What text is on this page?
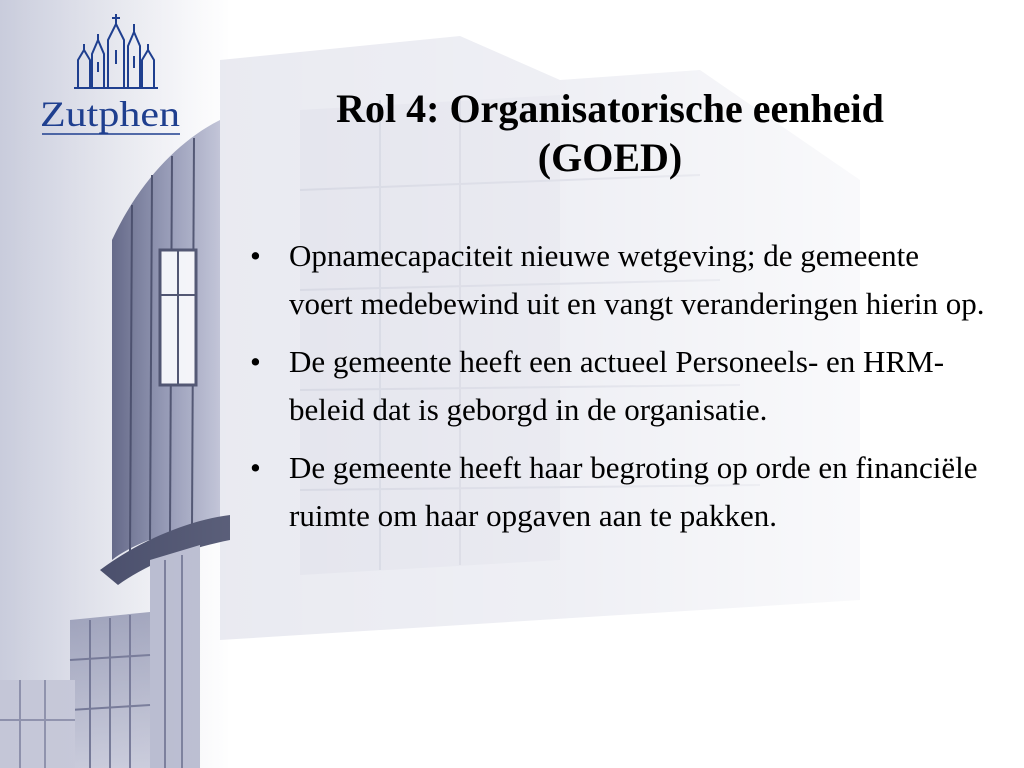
Zutphen	Rol 4: Organisatorische eenheid
(GOED)
• Opnamecapaciteit nieuwe wetgeving; de gemeente voert medebewind uit en vangt veranderingen hierin op.
• De gemeente heeft een actueel Personeels- en HRM-beleid dat is geborgd in de organisatie.
• De gemeente heeft haar begroting op orde en financiële ruimte om haar opgaven aan te pakken.
